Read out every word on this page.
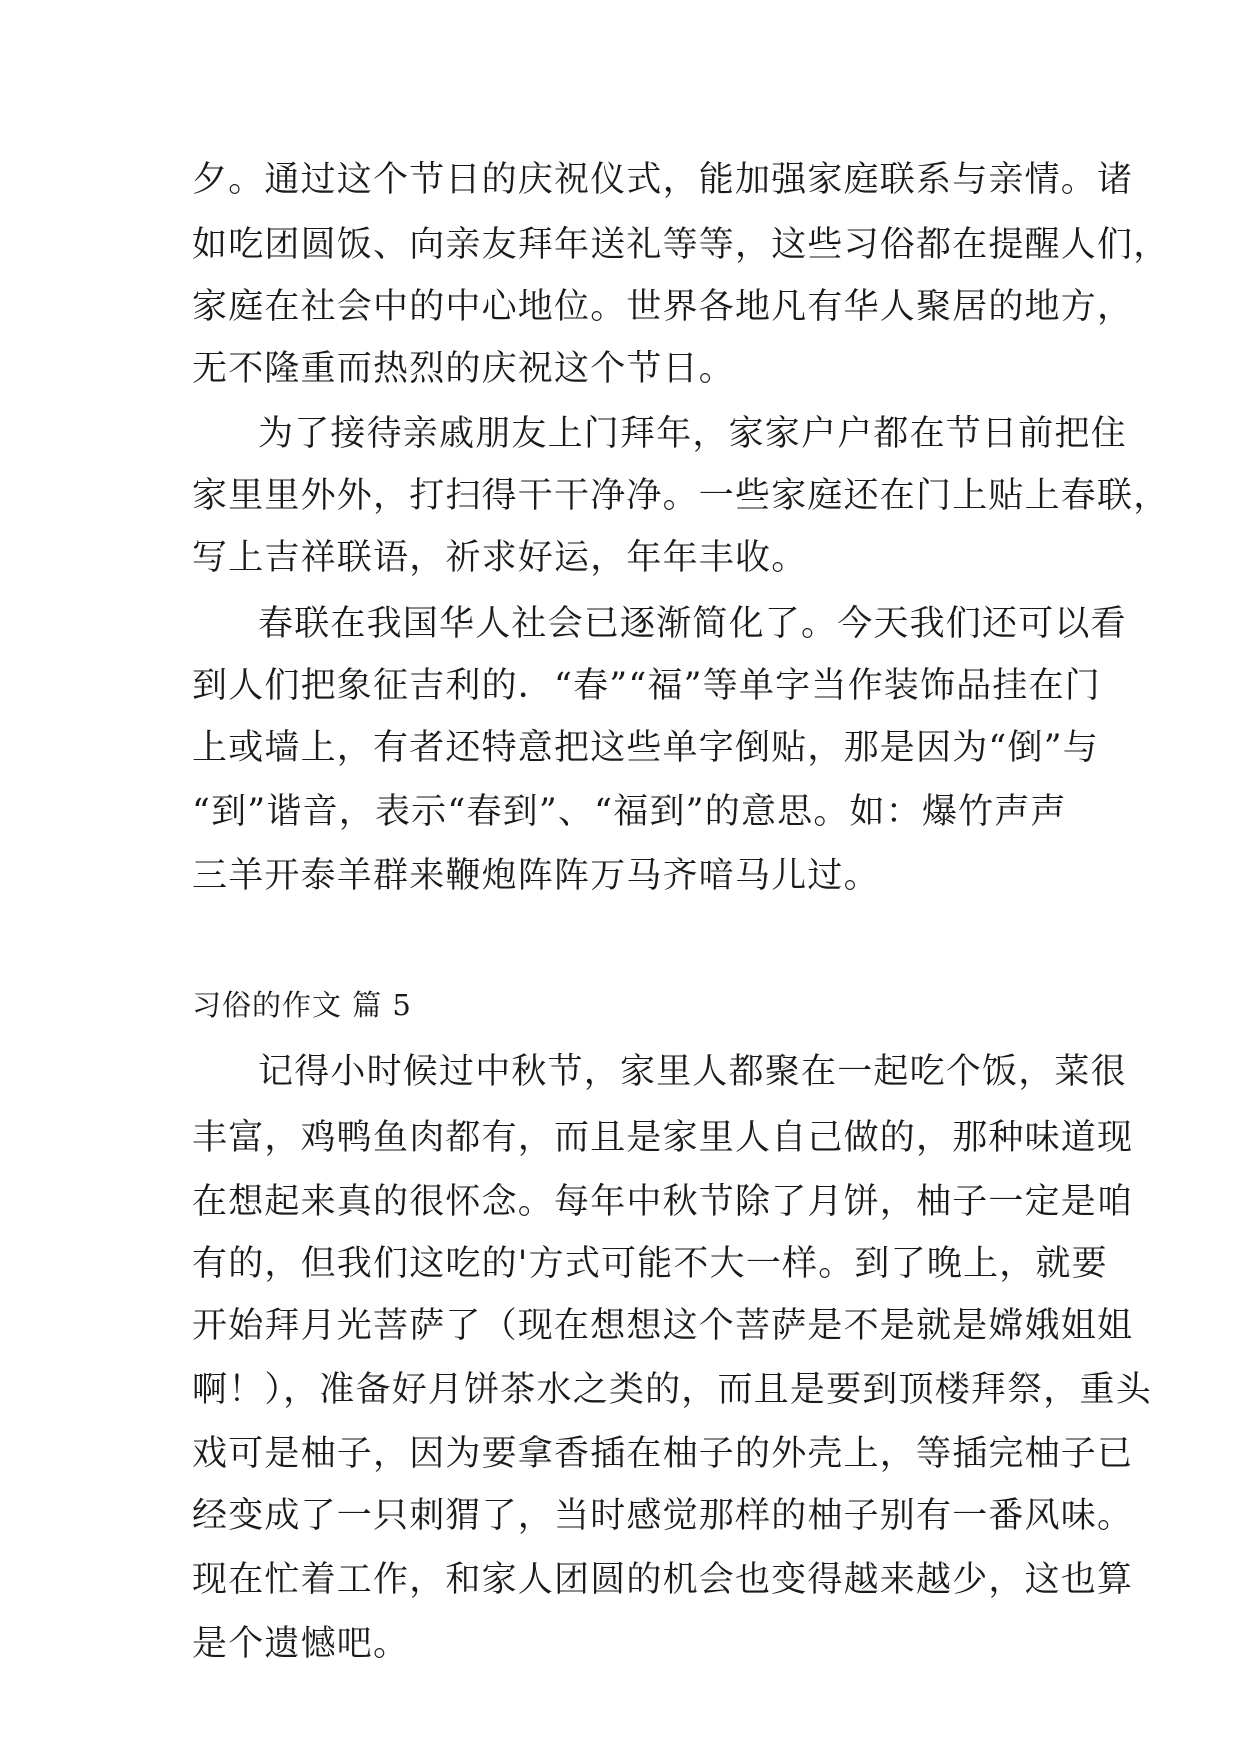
夕。通过这个节日的庆祝仪式，能加强家庭联系与亲情。诸
如吃团圆饭、向亲友拜年送礼等等，这些习俗都在提醒人们，
家庭在社会中的中心地位。世界各地凡有华人聚居的地方，
无不隆重而热烈的庆祝这个节日。
为了接待亲戚朋友上门拜年，家家户户都在节日前把住
家里里外外，打扫得干干净净。一些家庭还在门上贴上春联，
写上吉祥联语，祈求好运，年年丰收。
春联在我国华人社会已逐渐简化了。今天我们还可以看
到人们把象征吉利的．“春”“福”等单字当作装饰品挂在门
上或墙上，有者还特意把这些单字倒贴，那是因为“倒”与
“到”谐音，表示“春到”、“福到”的意思。如：爆竹声声
三羊开泰羊群来鞭炮阵阵万马齐喑马儿过。
习俗的作文 篇 5
记得小时候过中秋节，家里人都聚在一起吃个饭，菜很
丰富，鸡鸭鱼肉都有，而且是家里人自己做的，那种味道现
在想起来真的很怀念。每年中秋节除了月饼，柚子一定是咱
有的，但我们这吃的'方式可能不大一样。到了晚上，就要
开始拜月光菩萨了（现在想想这个菩萨是不是就是嫦娥姐姐
啊！），准备好月饼茶水之类的，而且是要到顶楼拜祭，重头
戏可是柚子，因为要拿香插在柚子的外壳上，等插完柚子已
经变成了一只刺猬了，当时感觉那样的柚子别有一番风味。
现在忙着工作，和家人团圆的机会也变得越来越少，这也算
是个遗憾吧。
